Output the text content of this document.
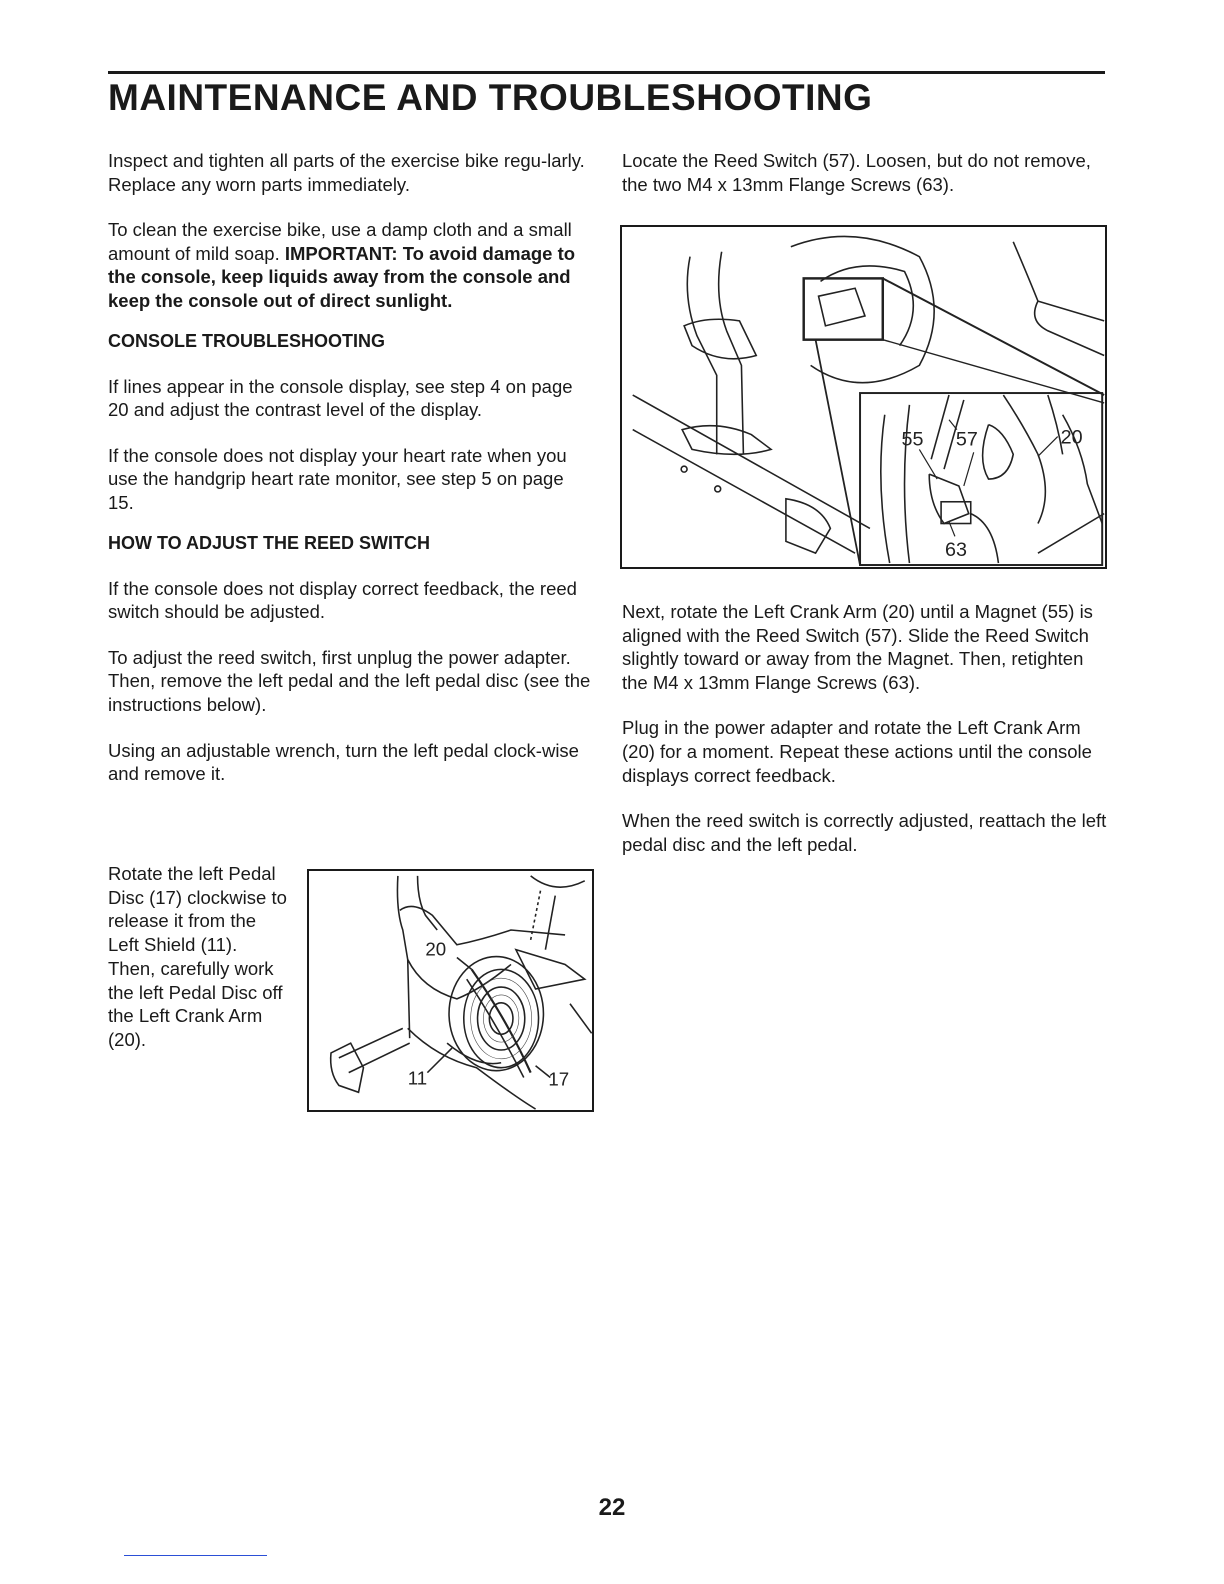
MAINTENANCE AND TROUBLESHOOTING

Inspect and tighten all parts of the exercise bike regu-larly. Replace any worn parts immediately.

To clean the exercise bike, use a damp cloth and a small amount of mild soap. IMPORTANT: To avoid damage to the console, keep liquids away from the console and keep the console out of direct sunlight.

CONSOLE TROUBLESHOOTING

If lines appear in the console display, see step 4 on page 20 and adjust the contrast level of the display.

If the console does not display your heart rate when you use the handgrip heart rate monitor, see step 5 on page 15.

HOW TO ADJUST THE REED SWITCH

If the console does not display correct feedback, the reed switch should be adjusted.

To adjust the reed switch, first unplug the power adapter. Then, remove the left pedal and the left pedal disc (see the instructions below).

Using an adjustable wrench, turn the left pedal clock-wise and remove it.

Rotate the left Pedal Disc (17) clockwise to release it from the Left Shield (11). Then, carefully work the left Pedal Disc off the Left Crank Arm (20).

Locate the Reed Switch (57). Loosen, but do not remove, the two M4 x 13mm Flange Screws (63).

Next, rotate the Left Crank Arm (20) until a Magnet (55) is aligned with the Reed Switch (57). Slide the Reed Switch slightly toward or away from the Magnet. Then, retighten the M4 x 13mm Flange Screws (63).

Plug in the power adapter and rotate the Left Crank Arm (20) for a moment. Repeat these actions until the console displays correct feedback.

When the reed switch is correctly adjusted, reattach the left pedal disc and the left pedal.

55 57	20
63
20
11	17
22
